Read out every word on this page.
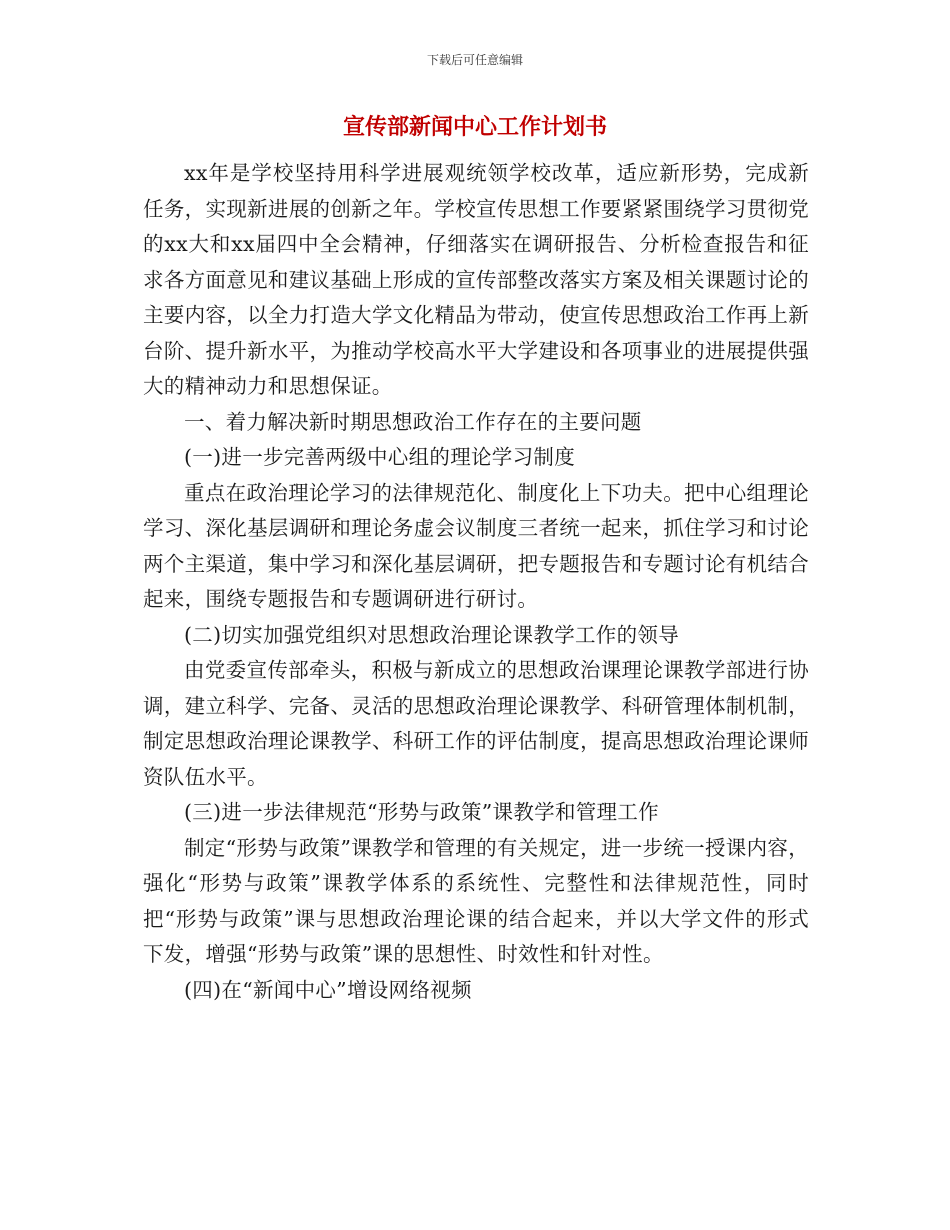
下载后可任意编辑
宣传部新闻中心工作计划书

xx年是学校坚持用科学进展观统领学校改革，适应新形势，完成新任务，实现新进展的创新之年。学校宣传思想工作要紧紧围绕学习贯彻党的xx大和xx届四中全会精神，仔细落实在调研报告、分析检查报告和征求各方面意见和建议基础上形成的宣传部整改落实方案及相关课题讨论的主要内容，以全力打造大学文化精品为带动，使宣传思想政治工作再上新台阶、提升新水平，为推动学校高水平大学建设和各项事业的进展提供强大的精神动力和思想保证。

一、着力解决新时期思想政治工作存在的主要问题

(一)进一步完善两级中心组的理论学习制度

重点在政治理论学习的法律规范化、制度化上下功夫。把中心组理论学习、深化基层调研和理论务虚会议制度三者统一起来，抓住学习和讨论两个主渠道，集中学习和深化基层调研，把专题报告和专题讨论有机结合起来，围绕专题报告和专题调研进行研讨。

(二)切实加强党组织对思想政治理论课教学工作的领导

由党委宣传部牵头，积极与新成立的思想政治课理论课教学部进行协调，建立科学、完备、灵活的思想政治理论课教学、科研管理体制机制，制定思想政治理论课教学、科研工作的评估制度，提高思想政治理论课师资队伍水平。

(三)进一步法律规范“形势与政策”课教学和管理工作

制定“形势与政策”课教学和管理的有关规定，进一步统一授课内容，强化“形势与政策”课教学体系的系统性、完整性和法律规范性，同时把“形势与政策”课与思想政治理论课的结合起来，并以大学文件的形式下发，增强“形势与政策”课的思想性、时效性和针对性。

(四)在“新闻中心”增设网络视频
